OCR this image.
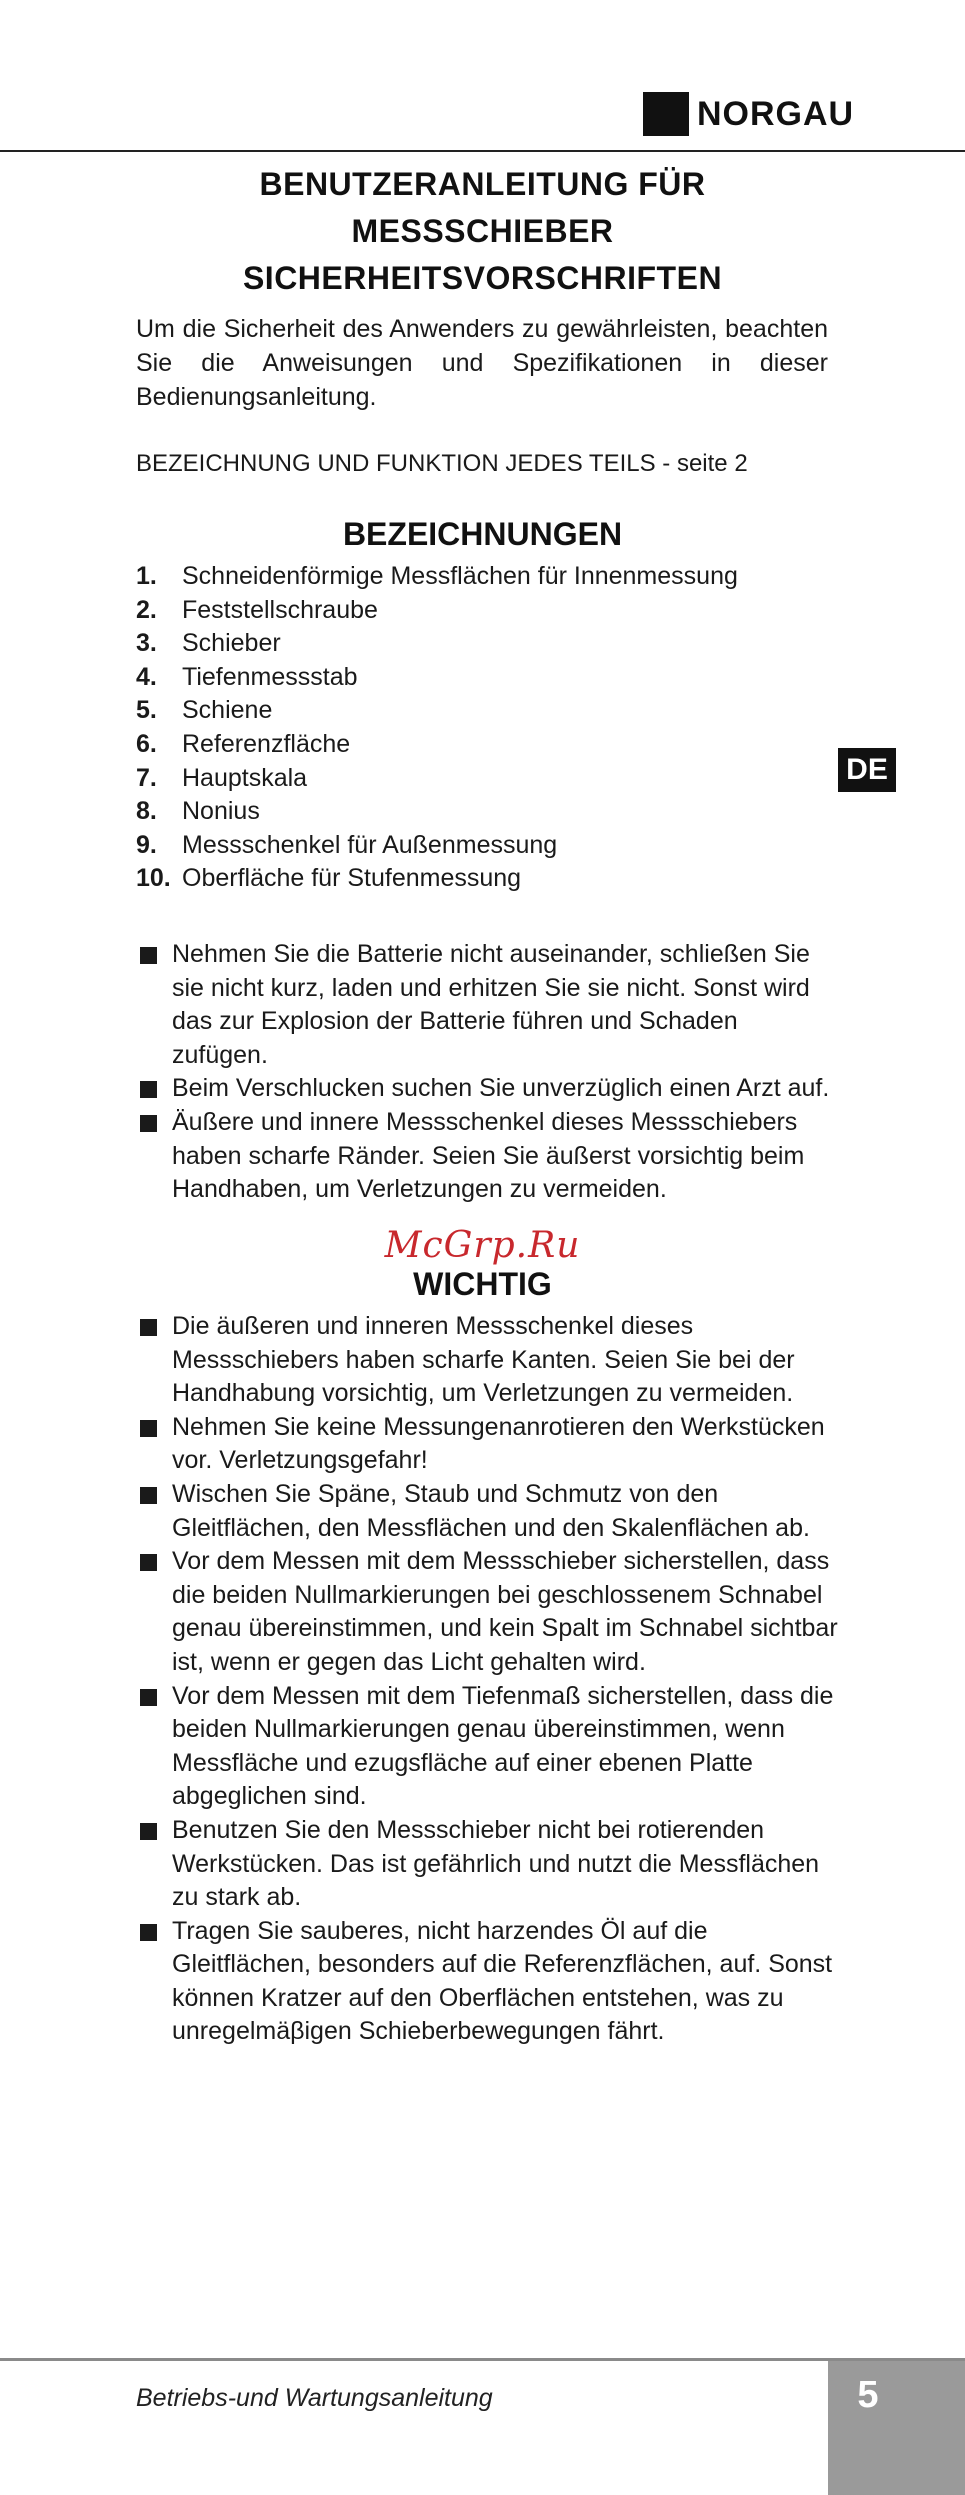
NORGAU
BENUTZERANLEITUNG FÜR
MESSSCHIEBER
SICHERHEITSVORSCHRIFTEN

Um die Sicherheit des Anwenders zu gewährleisten, beachten Sie die Anweisungen und Spezifikationen in dieser Bedienungsanleitung.

BEZEICHNUNG UND FUNKTION JEDES TEILS - seite 2

BEZEICHNUNGEN
1. Schneidenförmige Messflächen für Innenmessung
2. Feststellschraube
3. Schieber
4. Tiefenmessstab
5. Schiene
6. Referenzfläche
7. Hauptskala
8. Nonius
9. Messschenkel für Außenmessung
10. Oberfläche für Stufenmessung
DE
Nehmen Sie die Batterie nicht auseinander, schließen Sie sie nicht kurz, laden und erhitzen Sie sie nicht. Sonst wird das zur Explosion der Batterie führen und Schaden zufügen.
Beim Verschlucken suchen Sie unverzüglich einen Arzt auf.
Äußere und innere Messschenkel dieses Messschiebers haben scharfe Ränder. Seien Sie äußerst vorsichtig beim Handhaben, um Verletzungen zu vermeiden.
McGrp.Ru
WICHTIG
Die äußeren und inneren Messschenkel dieses Messschiebers haben scharfe Kanten. Seien Sie bei der Handhabung vorsichtig, um Verletzungen zu vermeiden.
Nehmen Sie keine Messungenanrotieren den Werkstücken vor. Verletzungsgefahr!
Wischen Sie Späne, Staub und Schmutz von den Gleitflächen, den Messflächen und den Skalenflächen ab.
Vor dem Messen mit dem Messschieber sicherstellen, dass die beiden Nullmarkierungen bei geschlossenem Schnabel genau übereinstimmen, und kein Spalt im Schnabel sichtbar ist, wenn er gegen das Licht gehalten wird.
Vor dem Messen mit dem Tiefenmaß sicherstellen, dass die beiden Nullmarkierungen genau übereinstimmen, wenn Messfläche und ezugsfläche auf einer ebenen Platte abgeglichen sind.
Benutzen Sie den Messschieber nicht bei rotierenden Werkstücken. Das ist gefährlich und nutzt die Messflächen zu stark ab.
Tragen Sie sauberes, nicht harzendes Öl auf die Gleitflächen, besonders auf die Referenzflächen, auf. Sonst können Kratzer auf den Oberflächen entstehen, was zu unregelmäβigen Schieberbewegungen fährt.
Betriebs-und Wartungsanleitung	5
